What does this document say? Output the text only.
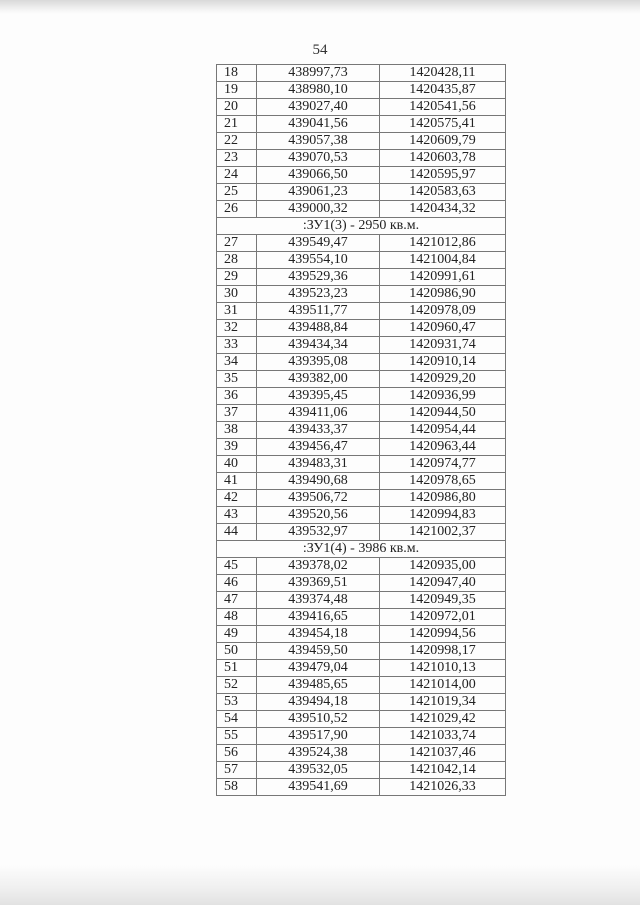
54
18	438997,73	1420428,11
19	438980,10	1420435,87
20	439027,40	1420541,56
21	439041,56	1420575,41
22	439057,38	1420609,79
23	439070,53	1420603,78
24	439066,50	1420595,97
25	439061,23	1420583,63
26	439000,32	1420434,32
:ЗУ1(3) - 2950 кв.м.		
27	439549,47	1421012,86
28	439554,10	1421004,84
29	439529,36	1420991,61
30	439523,23	1420986,90
31	439511,77	1420978,09
32	439488,84	1420960,47
33	439434,34	1420931,74
34	439395,08	1420910,14
35	439382,00	1420929,20
36	439395,45	1420936,99
37	439411,06	1420944,50
38	439433,37	1420954,44
39	439456,47	1420963,44
40	439483,31	1420974,77
41	439490,68	1420978,65
42	439506,72	1420986,80
43	439520,56	1420994,83
44	439532,97	1421002,37
:ЗУ1(4) - 3986 кв.м.		
45	439378,02	1420935,00
46	439369,51	1420947,40
47	439374,48	1420949,35
48	439416,65	1420972,01
49	439454,18	1420994,56
50	439459,50	1420998,17
51	439479,04	1421010,13
52	439485,65	1421014,00
53	439494,18	1421019,34
54	439510,52	1421029,42
55	439517,90	1421033,74
56	439524,38	1421037,46
57	439532,05	1421042,14
58	439541,69	1421026,33
